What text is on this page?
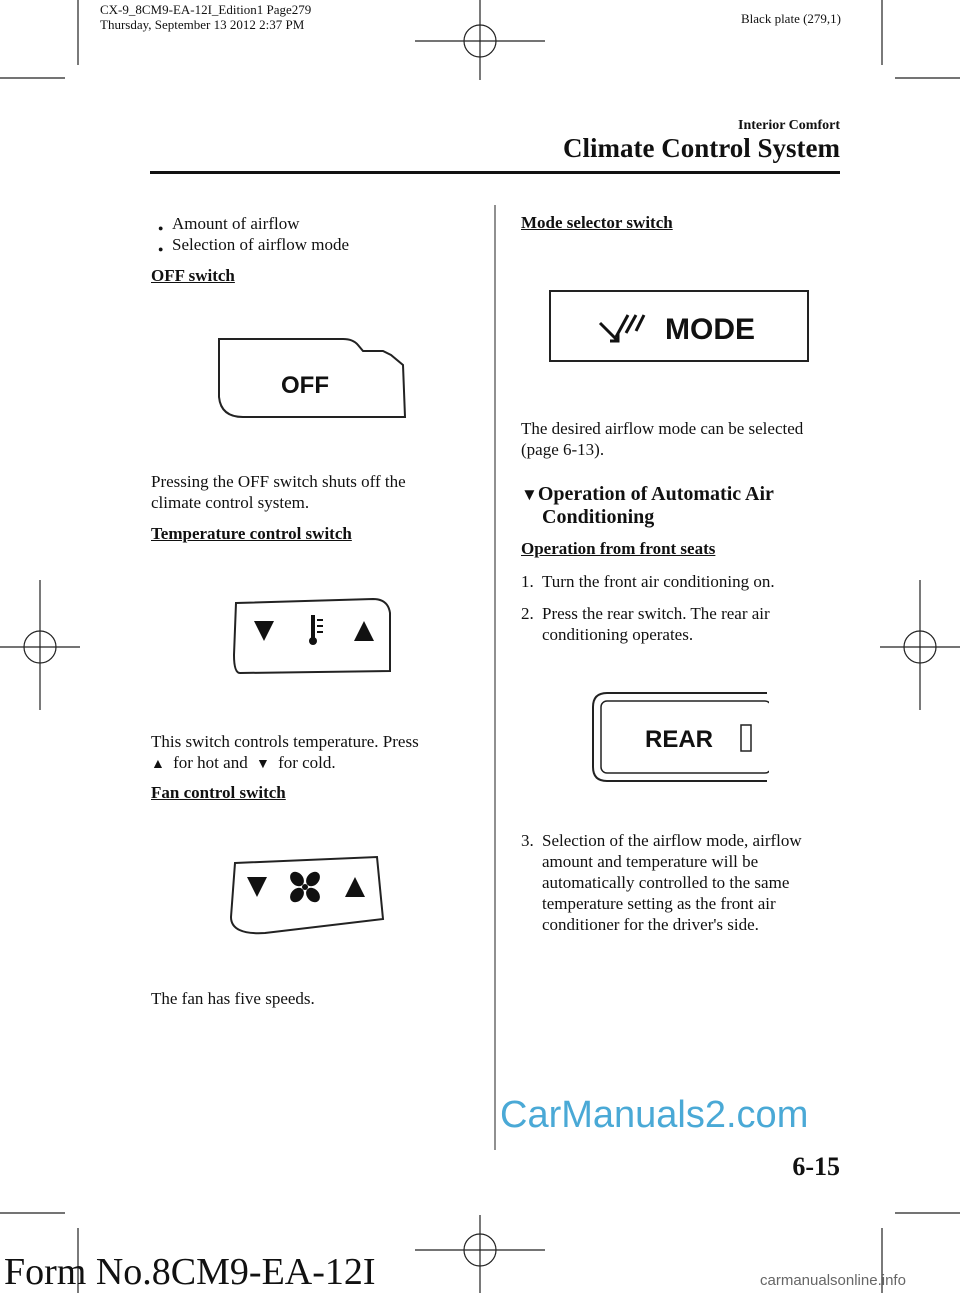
CX-9_8CM9-EA-12I_Edition1 Page279
Thursday, September 13 2012 2:37 PM	Black plate (279,1)
Interior Comfort
Climate Control System
● Amount of airflow
● Selection of airflow mode
OFF switch
OFF
Pressing the OFF switch shuts off the climate control system.
Temperature control switch
This switch controls temperature. Press
▲ for hot and ▼ for cold.
Fan control switch
The fan has five speeds.
Mode selector switch
MODE
The desired airflow mode can be selected (page 6-13).
▼Operation of Automatic Air
Conditioning
Operation from front seats
1. Turn the front air conditioning on.
2. Press the rear switch. The rear air conditioning operates.
REAR
3. Selection of the airflow mode, airflow amount and temperature will be automatically controlled to the same temperature setting as the front air conditioner for the driver's side.
CarManuals2.com
6-15
Form No.8CM9-EA-12I	carmanualsonline.info
